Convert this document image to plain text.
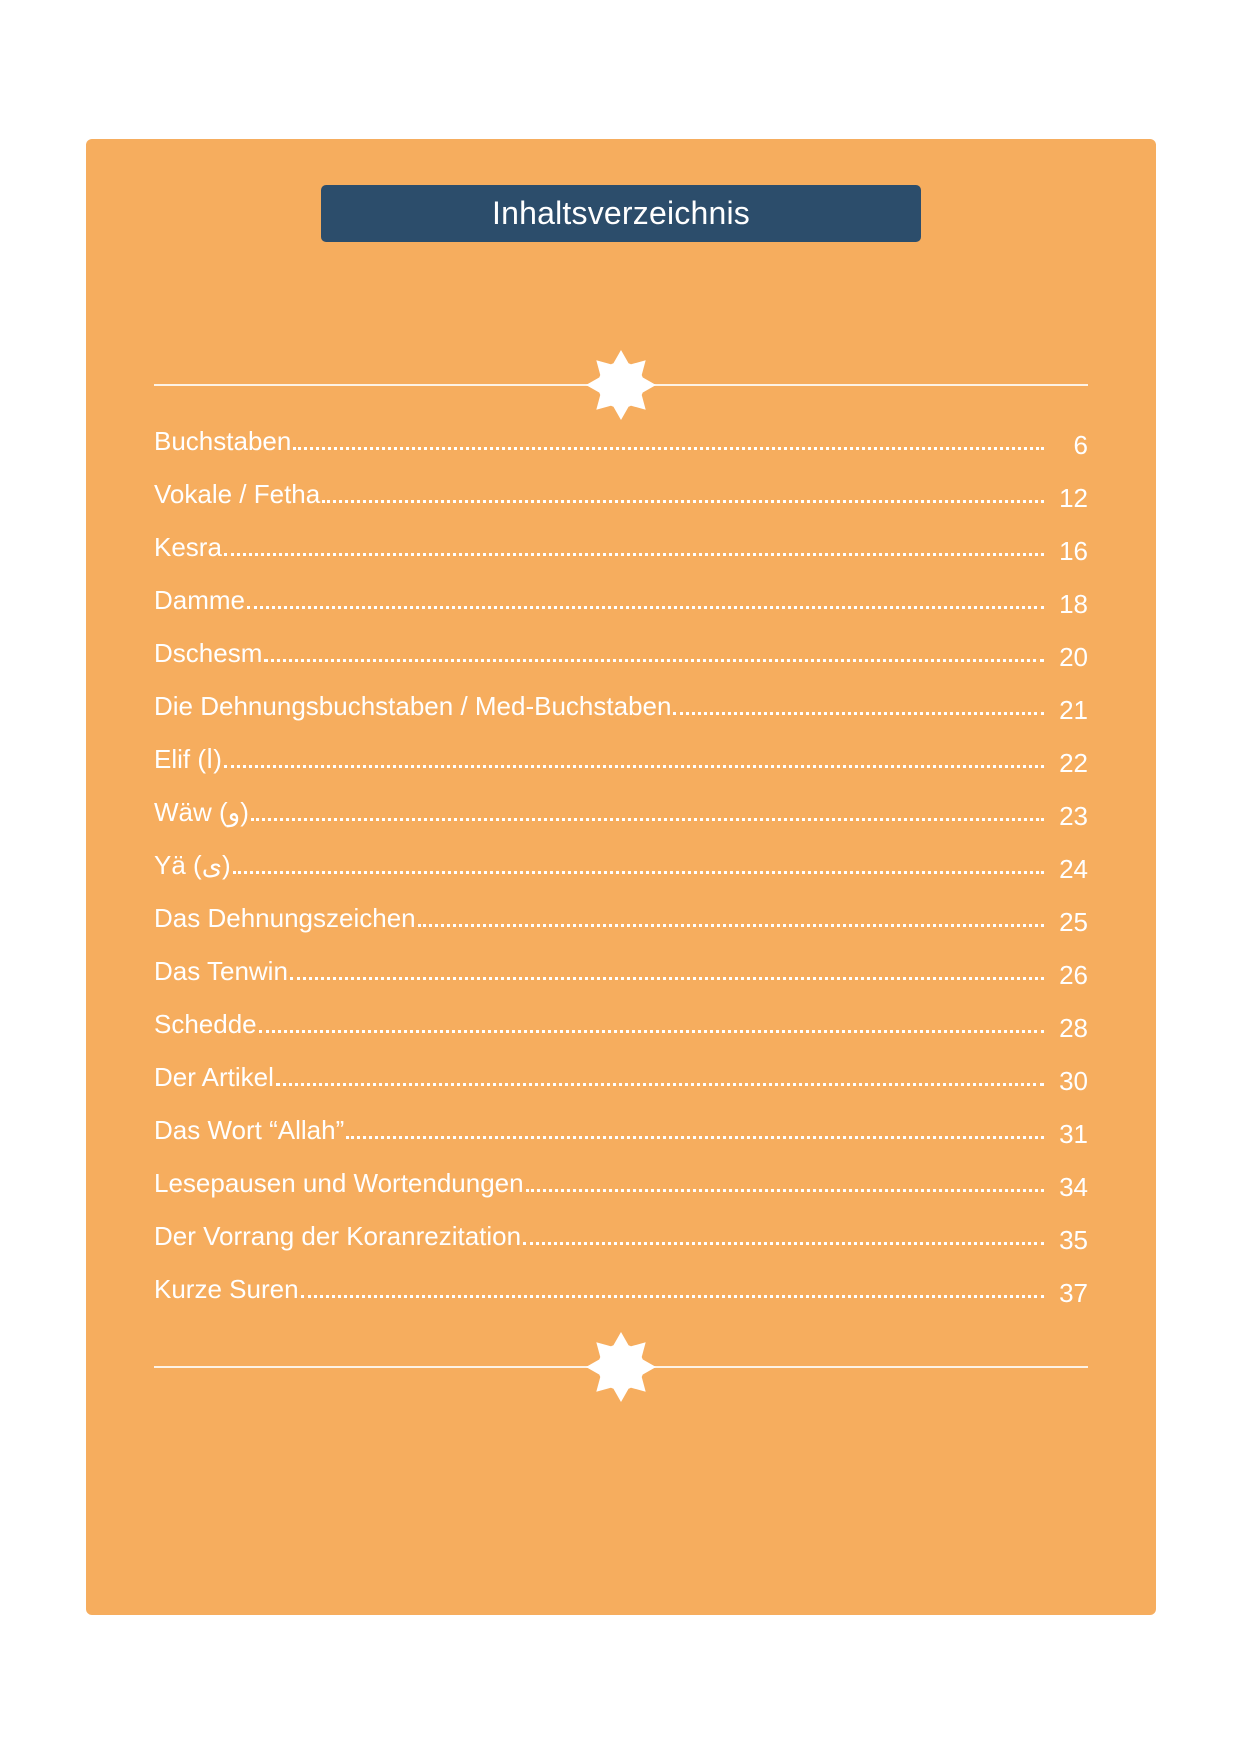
Inhaltsverzeichnis
Buchstaben	6
Vokale / Fetha	12
Kesra	16
Damme	18
Dschesm	20
Die Dehnungsbuchstaben / Med-Buchstaben	21
Elif (ا)	22
Wäw (و)	23
Yä (ى)	24
Das Dehnungszeichen	25
Das Tenwin	26
Schedde	28
Der Artikel	30
Das Wort “Allah”	31
Lesepausen und Wortendungen	34
Der Vorrang der Koranrezitation	35
Kurze Suren	37
